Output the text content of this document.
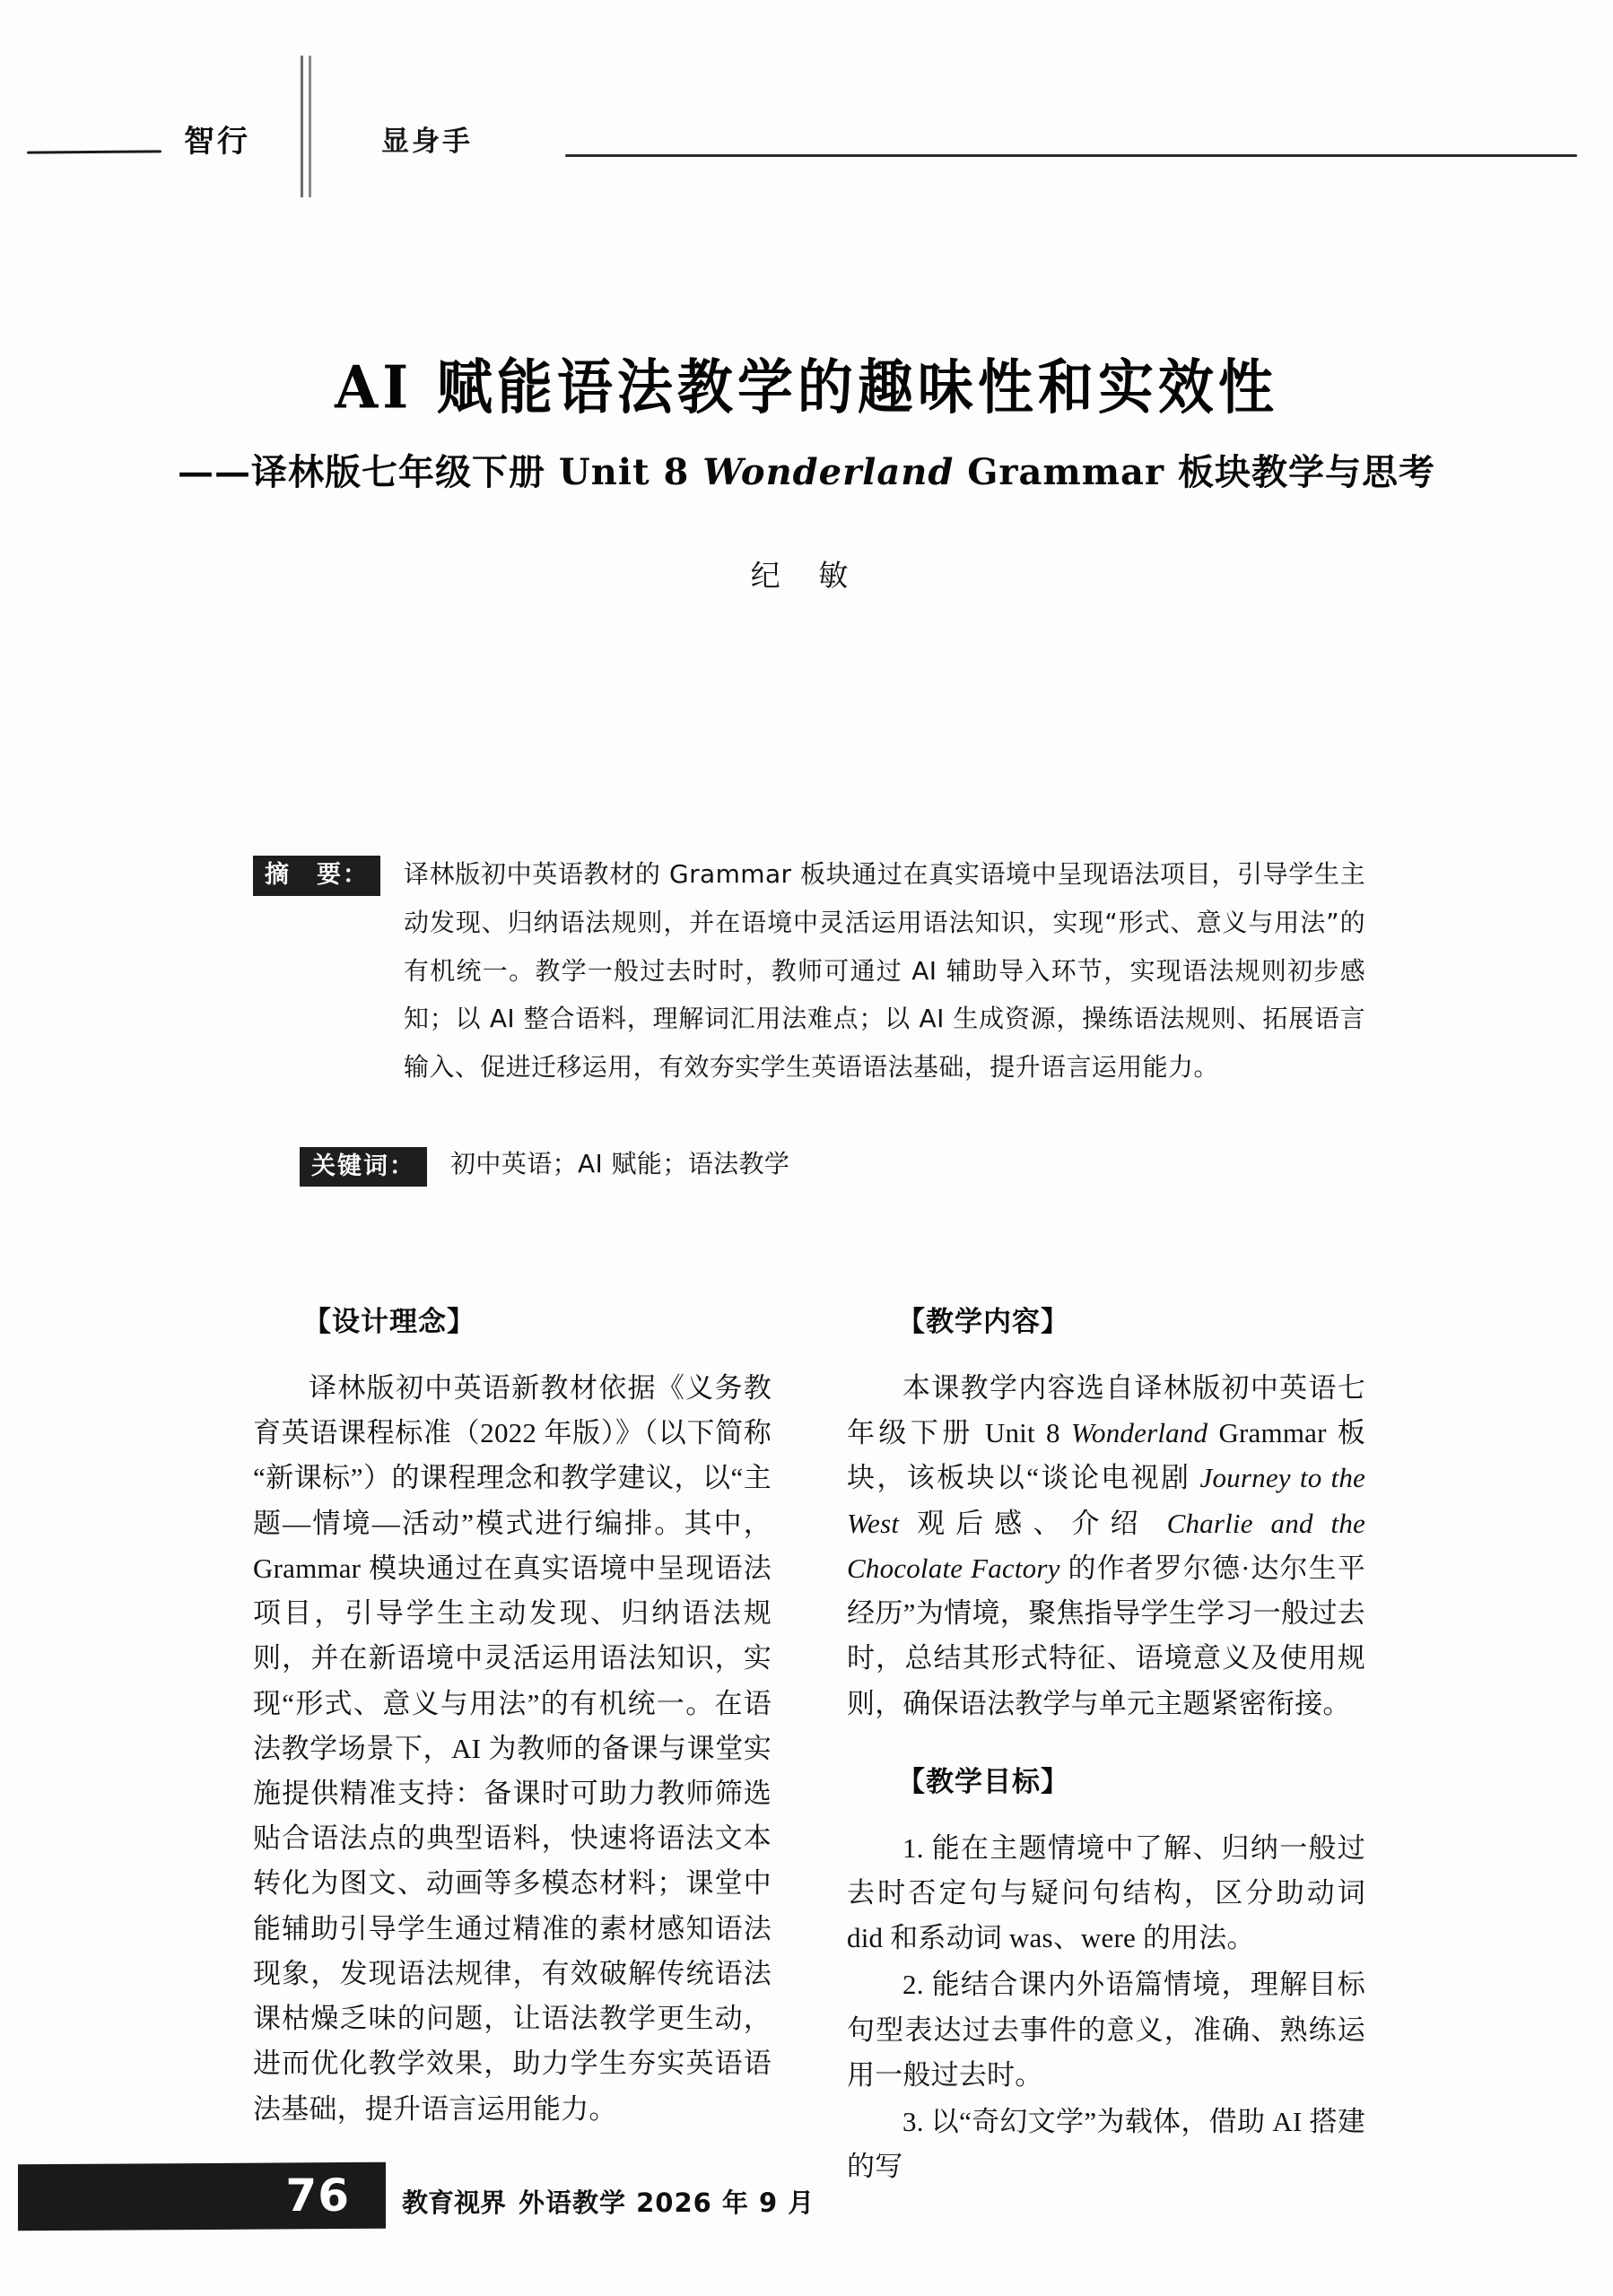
智行	显身手
AI 赋能语法教学的趣味性和实效性
——译林版七年级下册 Unit 8 Wonderland Grammar 板块教学与思考
纪 敏
摘　要：	译林版初中英语教材的 Grammar 板块通过在真实语境中呈现语法项目，引导学生主动发现、归纳语法规则，并在语境中灵活运用语法知识，实现“形式、意义与用法”的有机统一。教学一般过去时时，教师可通过 AI 辅助导入环节，实现语法规则初步感知；以 AI 整合语料，理解词汇用法难点；以 AI 生成资源，操练语法规则、拓展语言输入、促进迁移运用，有效夯实学生英语语法基础，提升语言运用能力。
关键词：	初中英语；AI 赋能；语法教学
【设计理念】

译林版初中英语新教材依据《义务教育英语课程标准（2022 年版）》（以下简称“新课标”）的课程理念和教学建议，以“主题—情境—活动”模式进行编排。其中，Grammar 模块通过在真实语境中呈现语法项目，引导学生主动发现、归纳语法规则，并在新语境中灵活运用语法知识，实现“形式、意义与用法”的有机统一。在语法教学场景下，AI 为教师的备课与课堂实施提供精准支持：备课时可助力教师筛选贴合语法点的典型语料，快速将语法文本转化为图文、动画等多模态材料；课堂中能辅助引导学生通过精准的素材感知语法现象，发现语法规律，有效破解传统语法课枯燥乏味的问题，让语法教学更生动，进而优化教学效果，助力学生夯实英语语法基础，提升语言运用能力。

【教学内容】

本课教学内容选自译林版初中英语七年级下册 Unit 8 Wonderland Grammar 板块，该板块以“谈论电视剧 Journey to the West 观后感、介绍 Charlie and the Chocolate Factory 的作者罗尔德·达尔生平经历”为情境，聚焦指导学生学习一般过去时，总结其形式特征、语境意义及使用规则，确保语法教学与单元主题紧密衔接。

【教学目标】

1. 能在主题情境中了解、归纳一般过去时否定句与疑问句结构，区分助动词 did 和系动词 was、were 的用法。

2. 能结合课内外语篇情境，理解目标句型表达过去事件的意义，准确、熟练运用一般过去时。

3. 以“奇幻文学”为载体，借助 AI 搭建的写

76 教育视界 外语教学 2026 年 9 月
